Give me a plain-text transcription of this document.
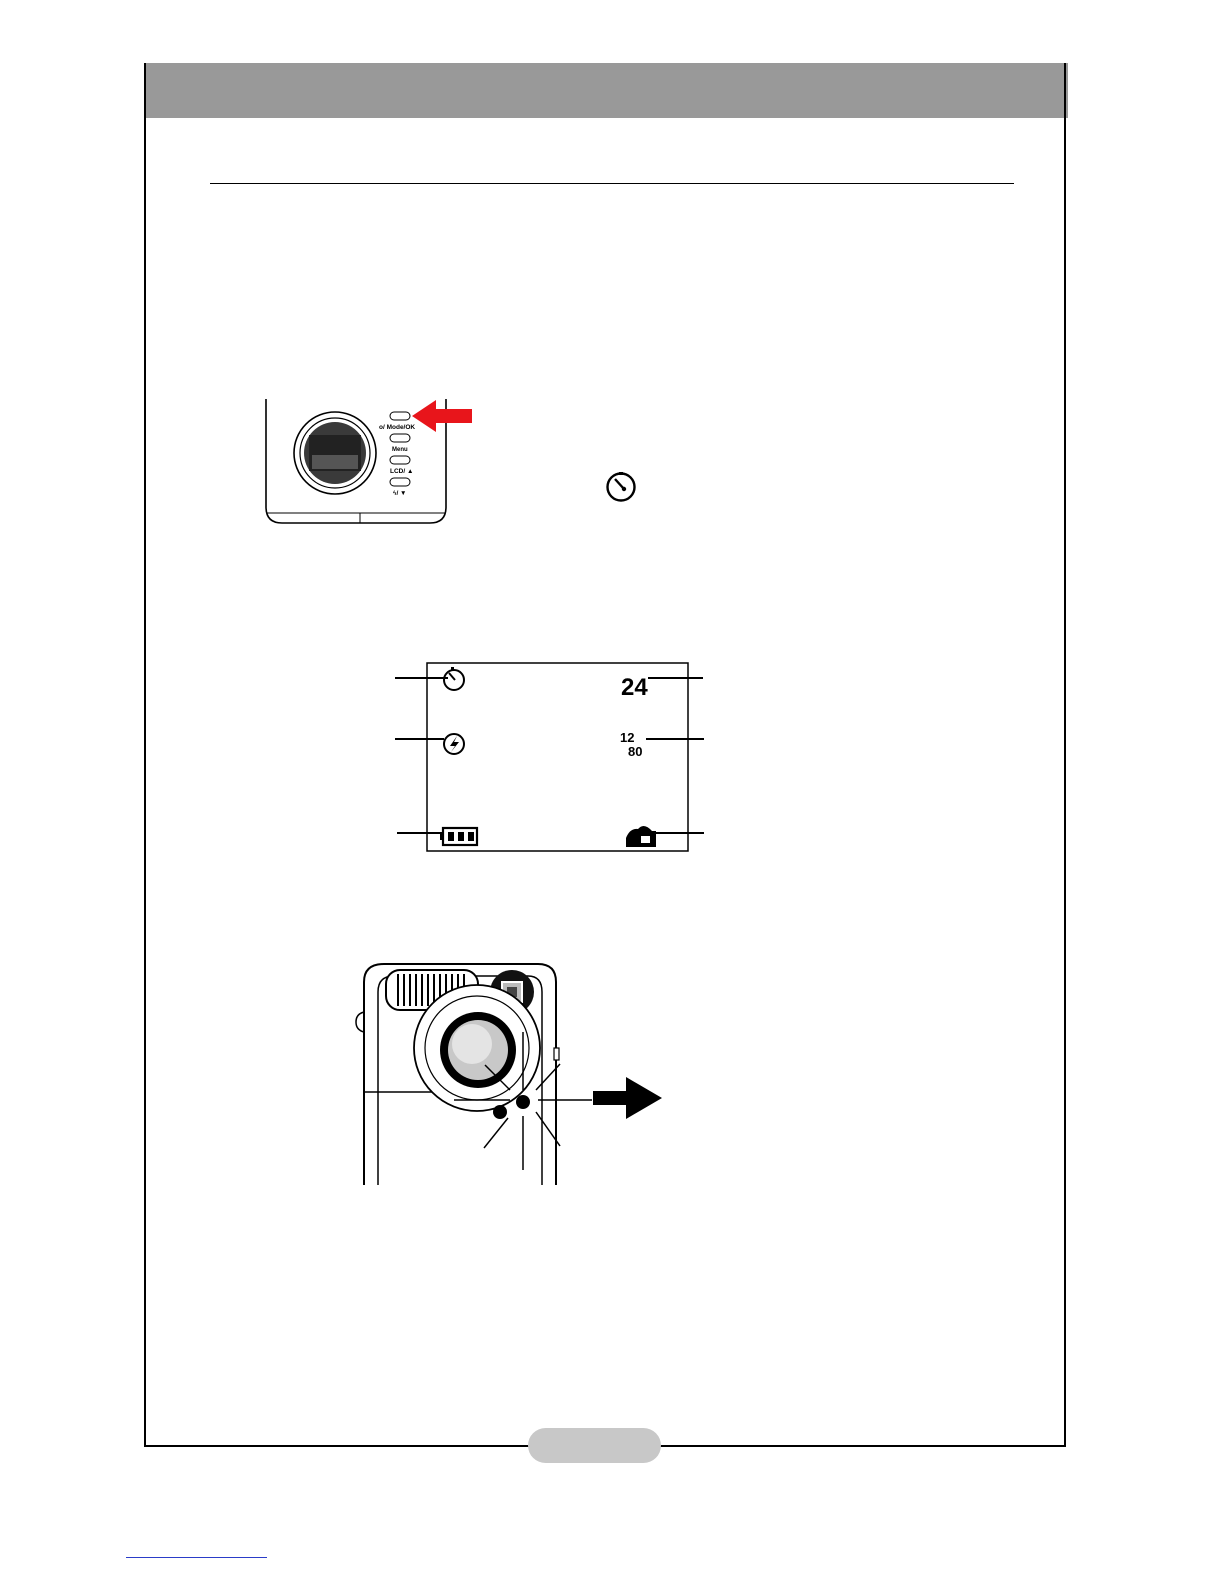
o/ Mode/OK
Menu
LCD/ ▲
ϟ/ ▼
24
12
80
